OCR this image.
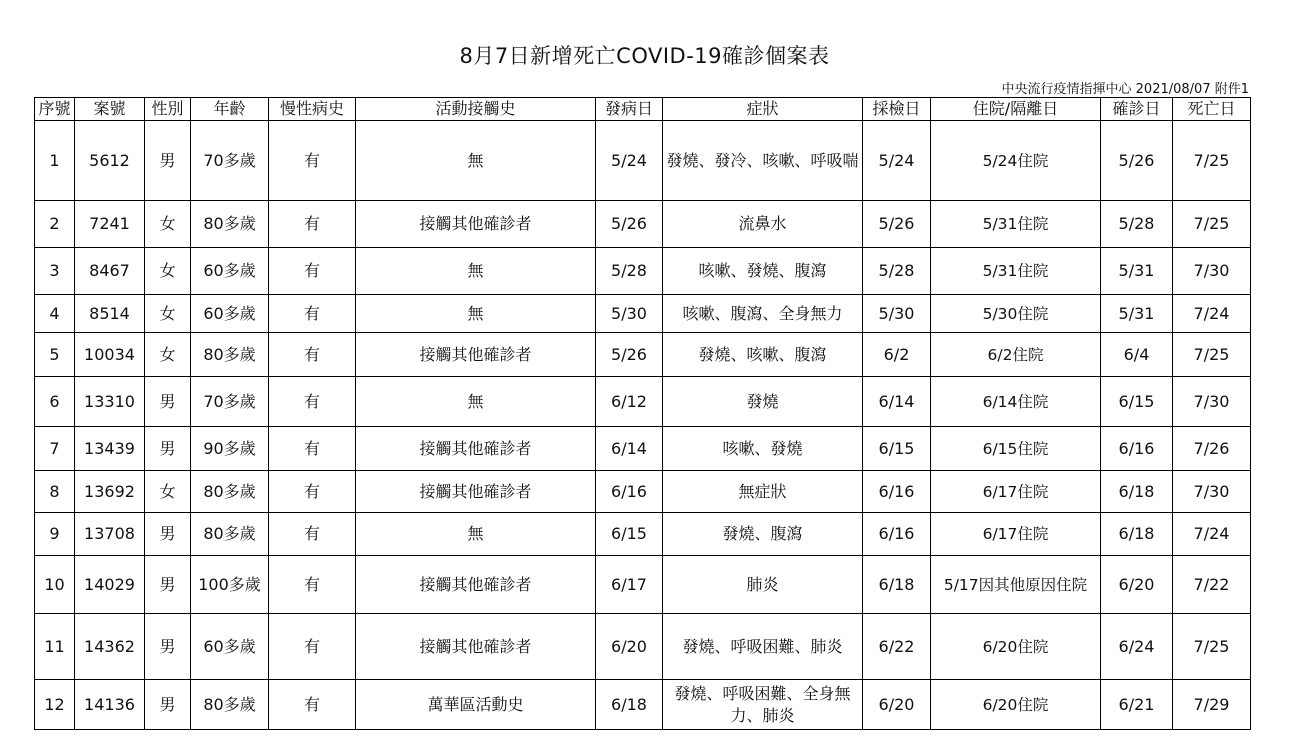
8月7日新增死亡COVID-19確診個案表
中央流行疫情指揮中心 2021/08/07 附件1
序號	案號	性別	年齡	慢性病史	活動接觸史	發病日	症狀	採檢日	住院/隔離日	確診日	死亡日
1	5612	男	70多歲	有	無	5/24	發燒、發冷、咳嗽、呼吸喘	5/24	5/24住院	5/26	7/25
2	7241	女	80多歲	有	接觸其他確診者	5/26	流鼻水	5/26	5/31住院	5/28	7/25
3	8467	女	60多歲	有	無	5/28	咳嗽、發燒、腹瀉	5/28	5/31住院	5/31	7/30
4	8514	女	60多歲	有	無	5/30	咳嗽、腹瀉、全身無力	5/30	5/30住院	5/31	7/24
5	10034	女	80多歲	有	接觸其他確診者	5/26	發燒、咳嗽、腹瀉	6/2	6/2住院	6/4	7/25
6	13310	男	70多歲	有	無	6/12	發燒	6/14	6/14住院	6/15	7/30
7	13439	男	90多歲	有	接觸其他確診者	6/14	咳嗽、發燒	6/15	6/15住院	6/16	7/26
8	13692	女	80多歲	有	接觸其他確診者	6/16	無症狀	6/16	6/17住院	6/18	7/30
9	13708	男	80多歲	有	無	6/15	發燒、腹瀉	6/16	6/17住院	6/18	7/24
10	14029	男	100多歲	有	接觸其他確診者	6/17	肺炎	6/18	5/17因其他原因住院	6/20	7/22
11	14362	男	60多歲	有	接觸其他確診者	6/20	發燒、呼吸困難、肺炎	6/22	6/20住院	6/24	7/25
12	14136	男	80多歲	有	萬華區活動史	6/18	發燒、呼吸困難、全身無力、肺炎	6/20	6/20住院	6/21	7/29
